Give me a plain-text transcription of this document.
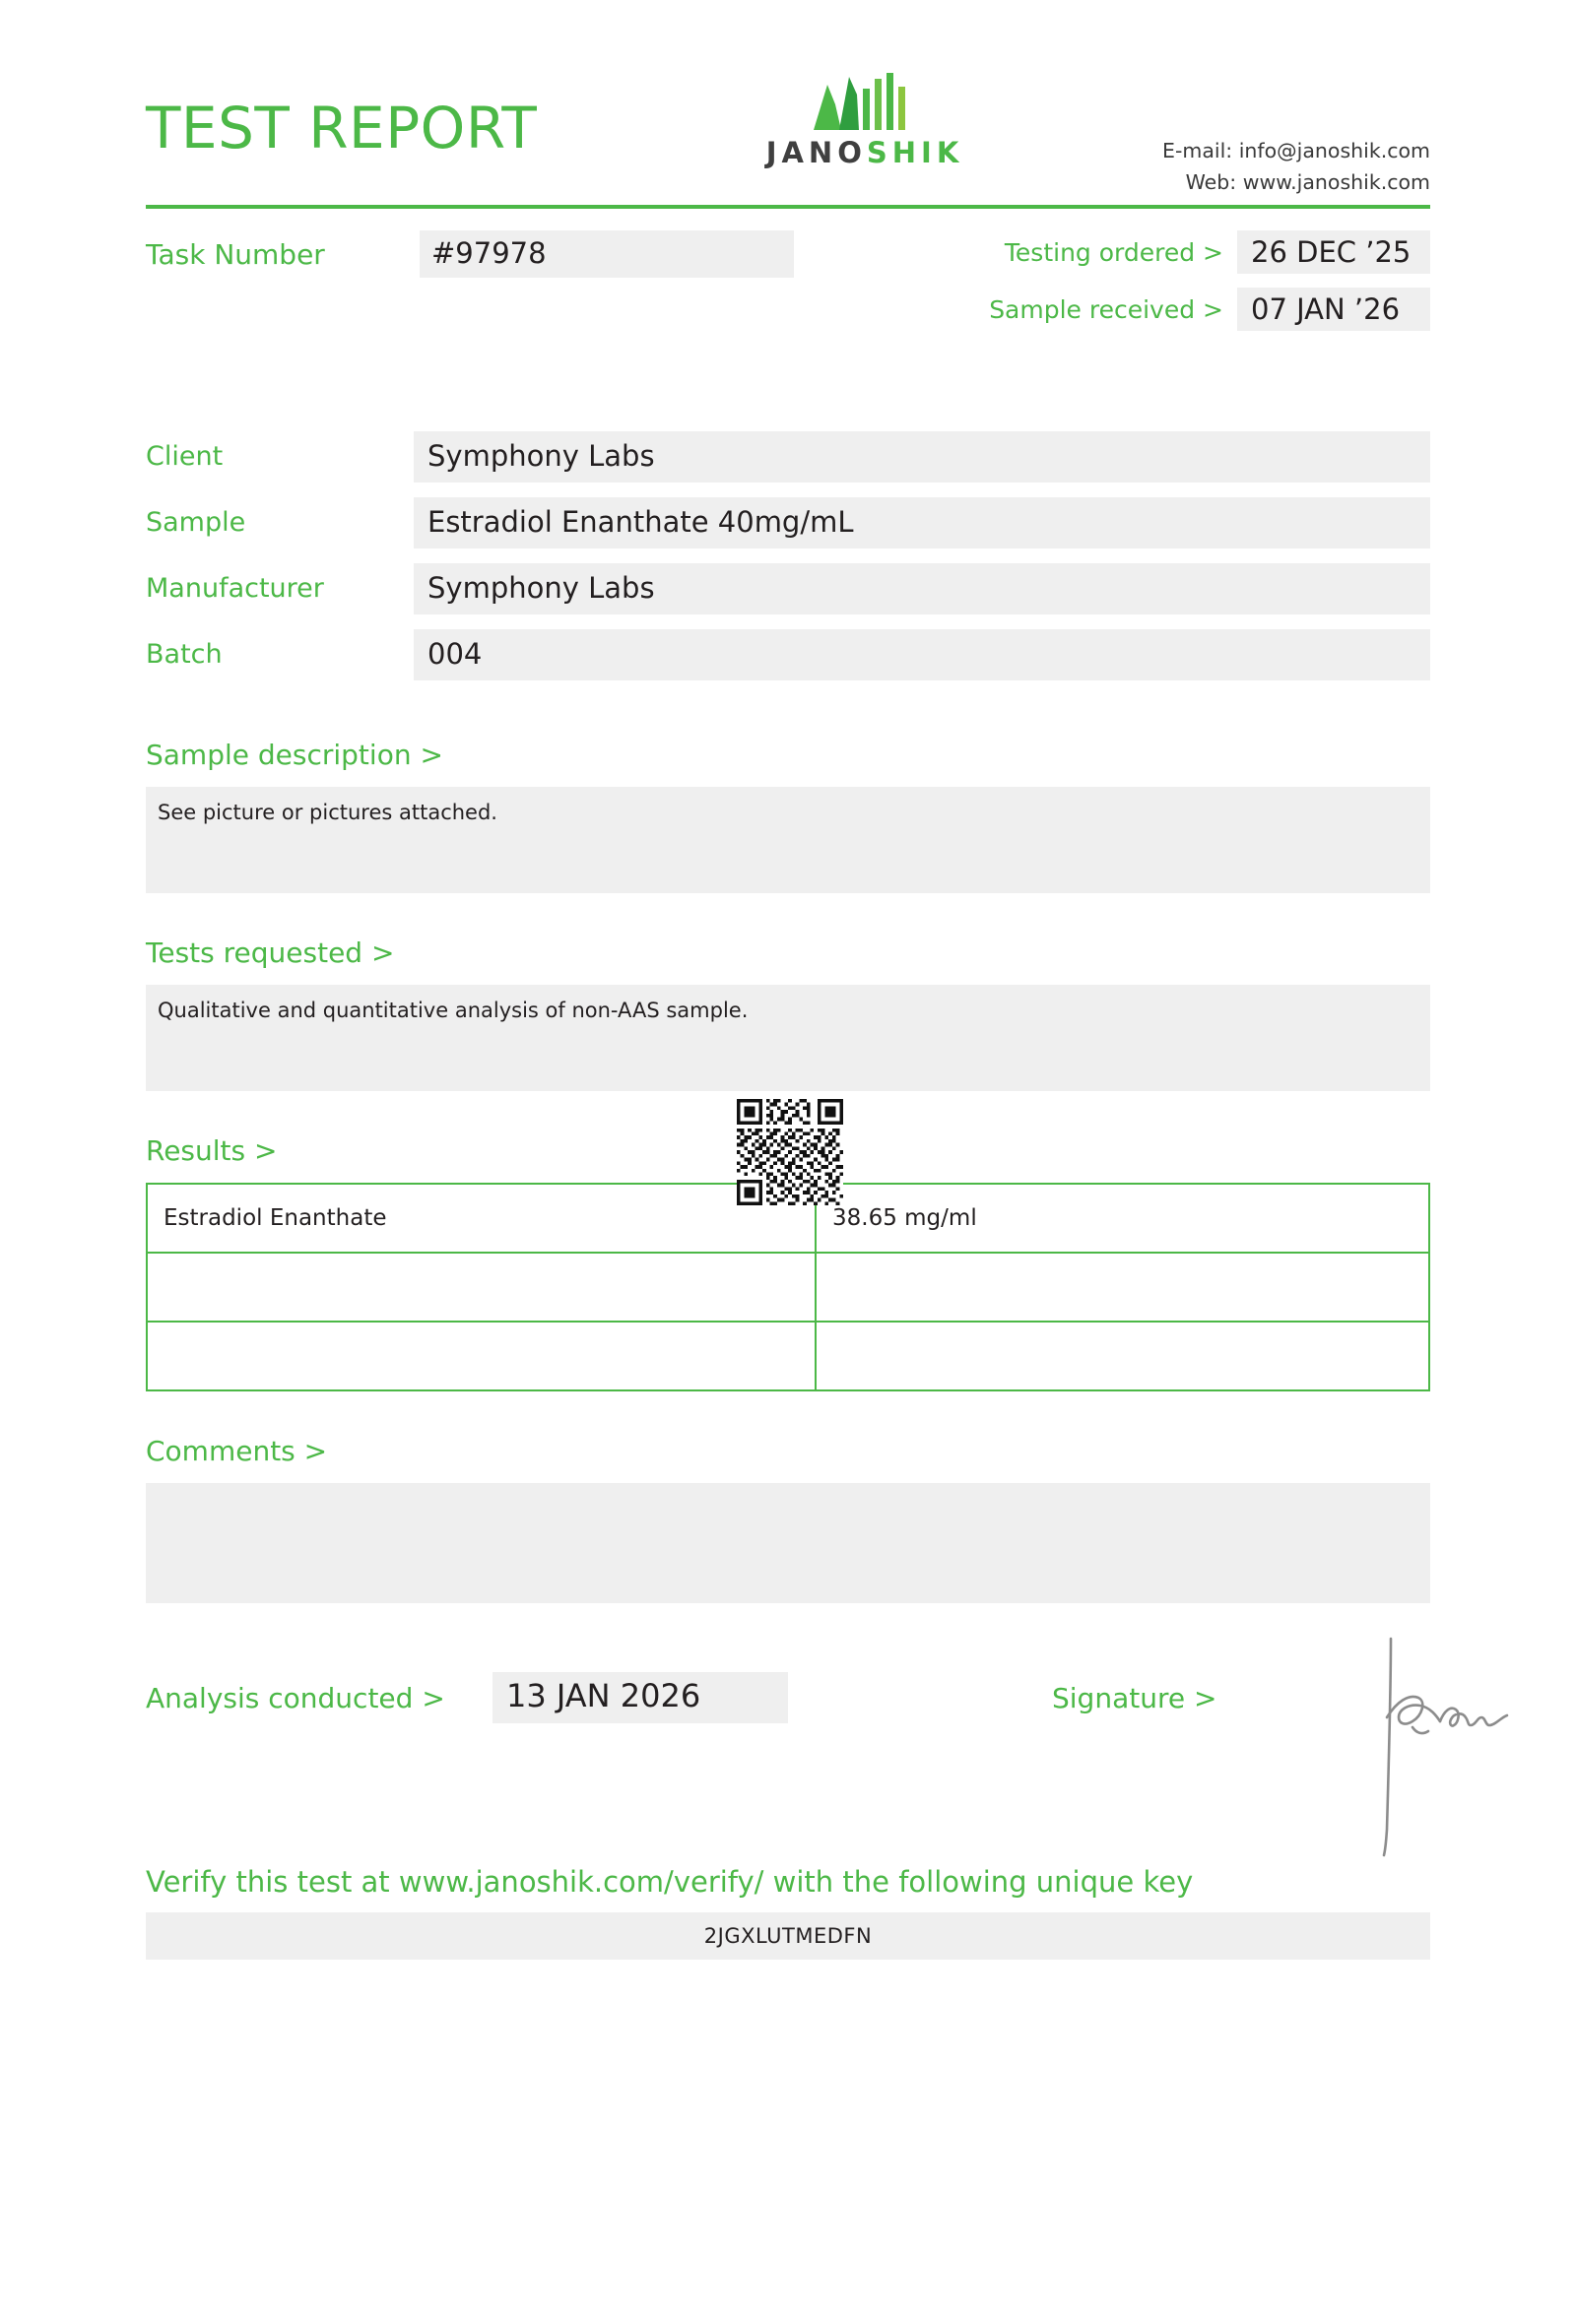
TEST REPORT	JANOSHIK	E-mail: info@janoshik.com
Web: www.janoshik.com
Task Number	#97978	Testing ordered > 26 DEC ’25
Sample received > 07 JAN ’26
Client	Symphony Labs
Sample	Estradiol Enanthate 40mg/mL
Manufacturer	Symphony Labs
Batch	004
Sample description >
See picture or pictures attached.
Tests requested >
Qualitative and quantitative analysis of non-AAS sample.
Results >
Estradiol Enanthate	38.65 mg/ml

Comments >
Analysis conducted >	13 JAN 2026	Signature >
Verify this test at www.janoshik.com/verify/ with the following unique key
2JGXLUTMEDFN
